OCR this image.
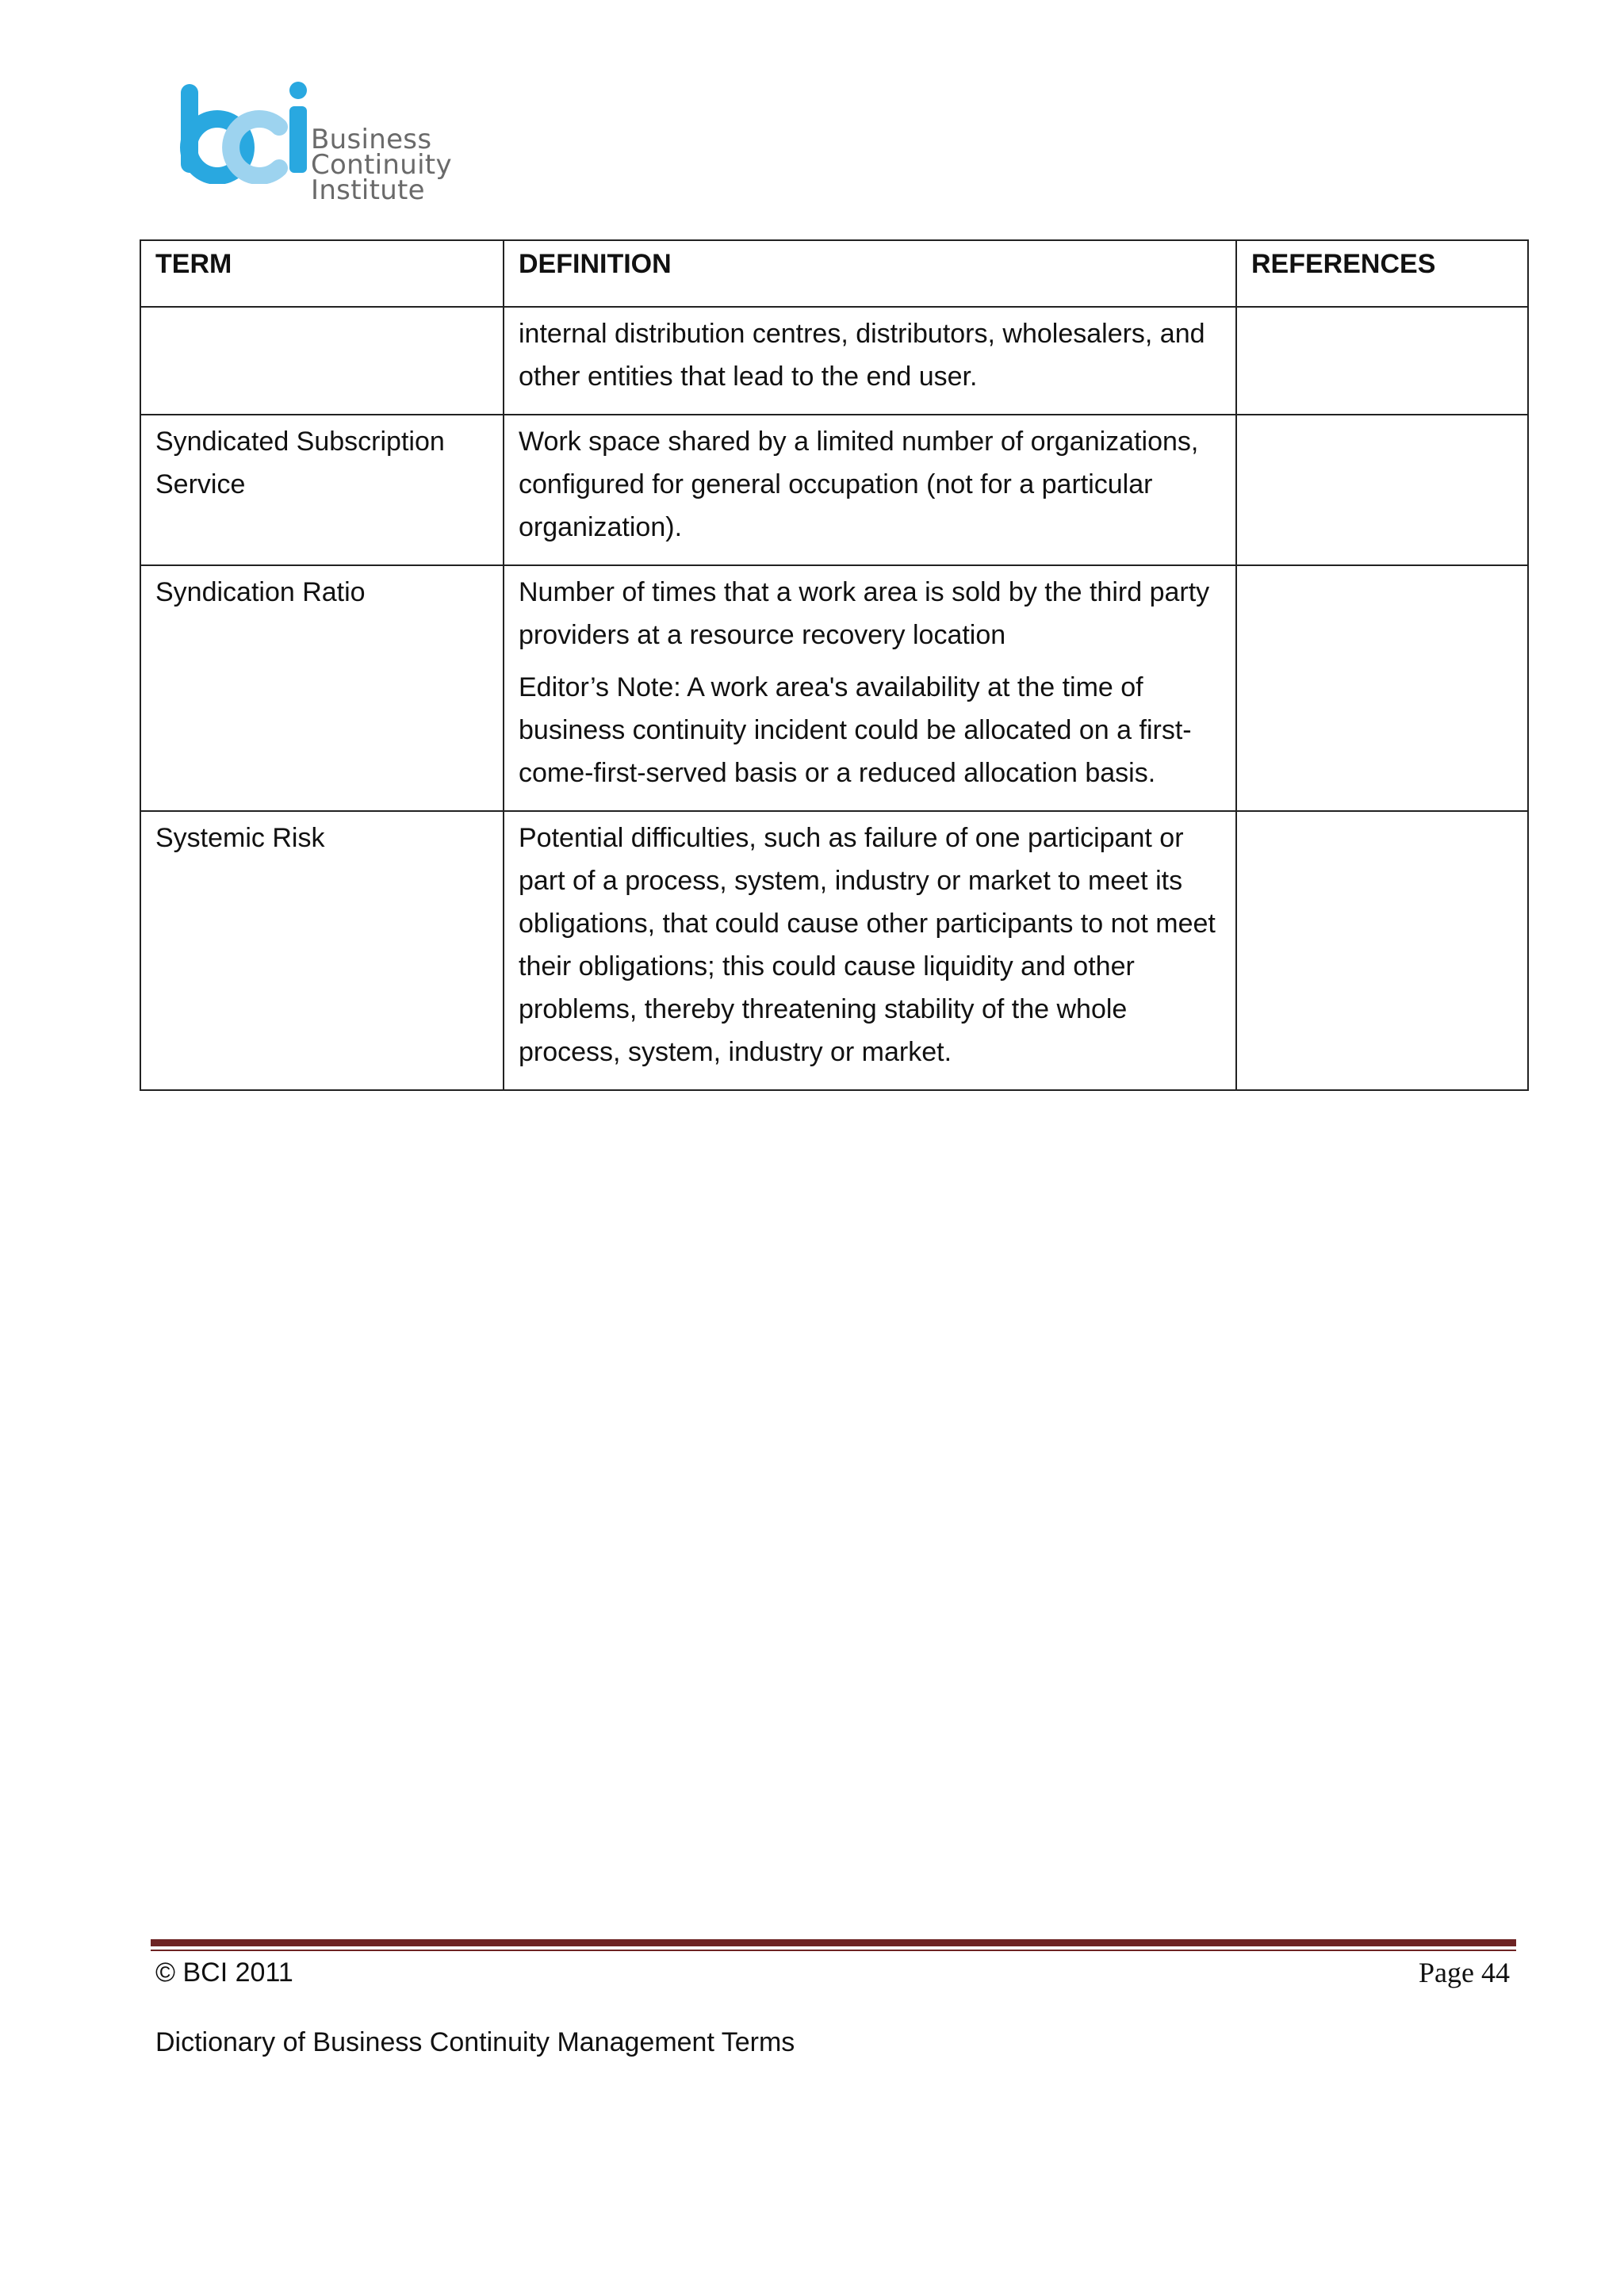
Business Continuity
Institute
TERM	DEFINITION	REFERENCES

	internal distribution centres, distributors, wholesalers, and other entities that lead to the end user.	

Syndicated Subscription Service	Work space shared by a limited number of organizations, configured for general occupation (not for a particular organization).	

Syndication Ratio	Number of times that a work area is sold by the third party providers at a resource recovery location
Editor’s Note: A work area's availability at the time of business continuity incident could be allocated on a first-come-first-served basis or a reduced allocation basis.	

Systemic Risk	Potential difficulties, such as failure of one participant or part of a process, system, industry or market to meet its obligations, that could cause other participants to not meet their obligations; this could cause liquidity and other problems, thereby threatening stability of the whole process, system, industry or market.	

© BCI 2011	Page 44
Dictionary of Business Continuity Management Terms
